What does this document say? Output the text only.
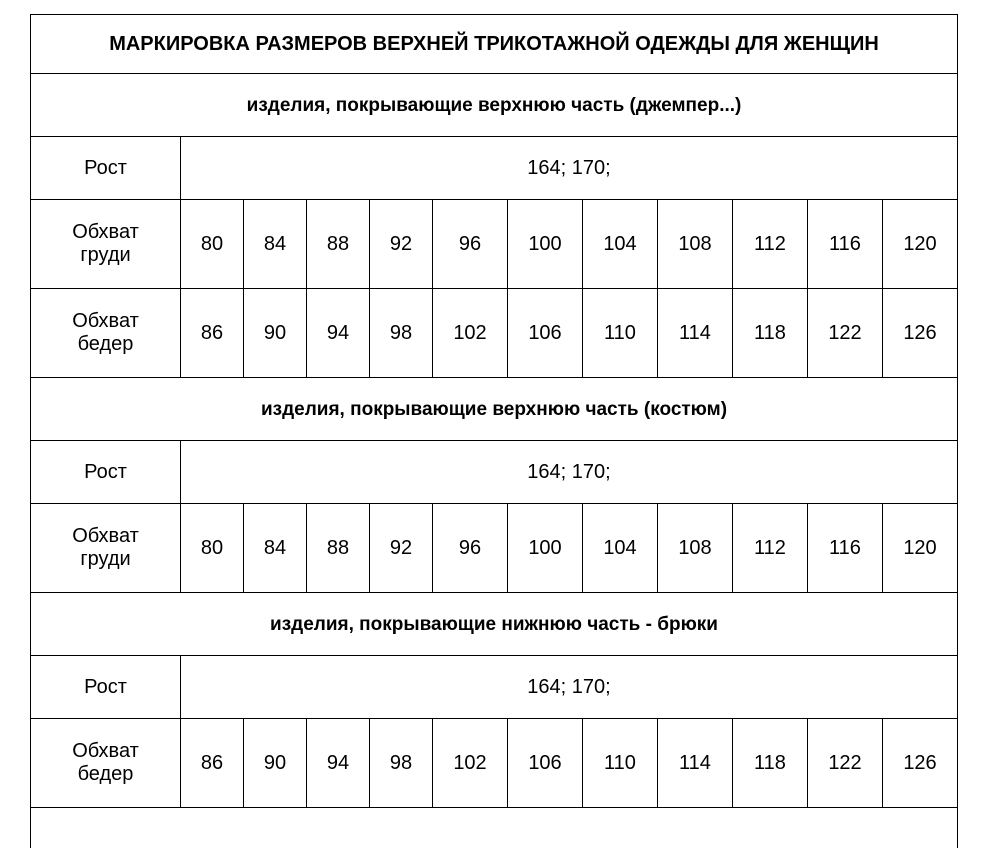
МАРКИРОВКА РАЗМЕРОВ ВЕРХНЕЙ ТРИКОТАЖНОЙ ОДЕЖДЫ ДЛЯ ЖЕНЩИН											
изделия, покрывающие верхнюю часть (джемпер...)											
Рост	164; 170;										
Обхват
груди	80	84	88	92	96	100	104	108	112	116	120
Обхват
бедер	86	90	94	98	102	106	110	114	118	122	126
изделия, покрывающие верхнюю часть (костюм)											
Рост	164; 170;										
Обхват
груди	80	84	88	92	96	100	104	108	112	116	120
изделия, покрывающие нижнюю часть - брюки											
Рост	164; 170;										
Обхват
бедер	86	90	94	98	102	106	110	114	118	122	126
